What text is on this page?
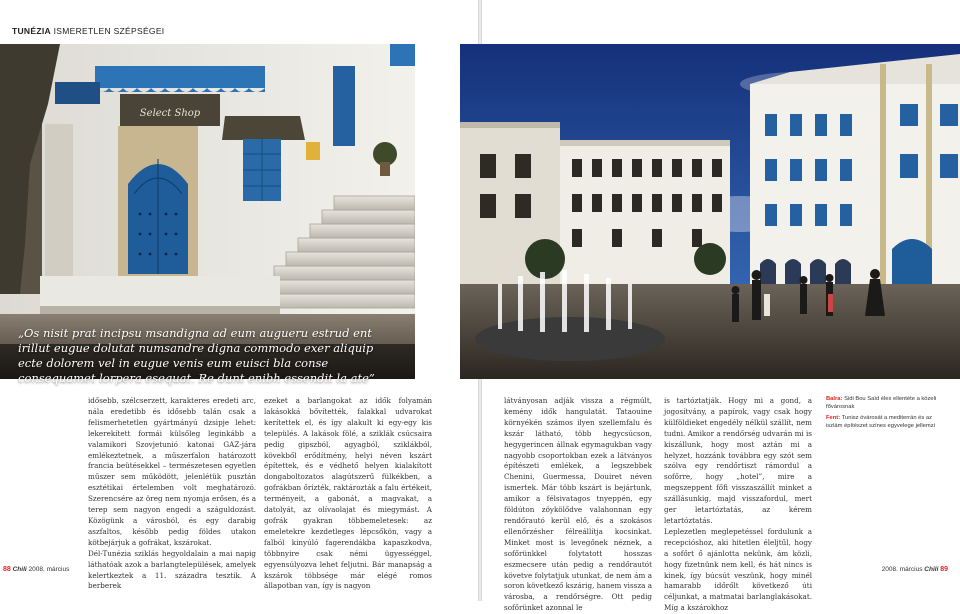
TUNÉZIA ISMERETLEN SZÉPSÉGEI
Select Shop
„Os nisit prat incipsu msandigna ad eum augueru estrud ent irillut eugue dolutat numsandre digna commodo exer aliquip ecte dolorem vel in eugue venis eum euisci bla conse consequamet lorpera esequat. Re dunt enibh essendit la ate”

idősebb, szélcserzett, karakteres eredeti arc, nála eredetibb és idősebb talán csak a felismerhetetlen gyártmányú dzsipje lehet: lekerekített formái külsőleg leginkább a valamikori Szovjetunió katonai GAZ-jára emlékeztetnek, a műszerfalon határozott francia beütésekkel – természetesen egyetlen műszer sem működött, jelenlétük pusztán esztétikai értelemben volt meghatározó. Szerencsére az öreg nem nyomja erősen, és a terep sem nagyon engedi a száguldozást. Közögünk a városból, és egy darabig aszfaltos, később pedig földes utakon kötbejárjuk a gofrákat, kszárokat.
Dél-Tunézia sziklás hegyoldalain a mai napig láthatóak azok a barlangtelepülések, amelyek kelertkeztek a 11. századra tesztik. A berberek

ezeket a barlangokat az idők folyamán lakásokká bővítették, falakkal udvarokat kerítettek el, és így alakult ki egy-egy kis település. A lakások fölé, a sziklák csúcsaira pedig gipszból, agyagból, sziklákból, kövekből erődítmény, helyi néven kszárt építettek, és e védhető helyen kialakított dongaboltozatos alagútszerű fülkékben, a gofrákban őrizték, raktározták a falu értékeit, terményeit, a gabonát, a magvakat, a datolyát, az olívaolajat és miegymást. A gofrák gyakran többemeletesek: az emeletekre kezdetleges lépcsőkön, vagy a falból kinyúló fagerendákba kapaszkodva, többnyire csak némi ügyességgel, egyensúlyozva lehet feljutni. Bár manapság a kszárok többsége már elégé romos állapotban van, így is nagyon

látványosan adják vissza a régmúlt, kemény idők hangulatát. Tataouine környékén számos ilyen szellemfalu és kszár látható, több hegycsúcson, hegygerincen állnak egymagukban vagy nagyobb csoportokban ezek a látványos építészeti emlékek, a legszebbek Chenini, Guermessa, Douiret néven ismertek. Már több kszárt is bejártunk, amikor a félsivatagos tnyeppén, egy földúton zöykölődve valahonnan egy rendőrautó kerül elő, és a szokásos ellenőrzésher félreállítja kocsinkat. Minket most is levegőnek néznek, a sofőrünkkel folytatott hosszas eszmecsere után pedig a rendőrautót követve folytatjuk utunkat, de nem ám a soron következő kszárig, hanem vissza a városba, a rendőrségre. Ott pedig sofőrünket azonnal le

is tartóztatják. Hogy mi a gond, a jogosítvány, a papírok, vagy csak hogy külföldieket engedély nélkül szállít, nem tudni. Amikor a rendőrség udvarán mi is kiszállunk, hogy most aztán mi a helyzet, hozzánk továbbra egy szót sem szólva egy rendőrtiszt rámordul a sofőrre, hogy „hotel”, mire a megszeppent főfi visszaszállít minket a szállásunkig, majd visszafordul, mert ger letartóztatás, az kérem letartóztatás.
Leplezetlen meglepetéssel fordulunk a recepcióshoz, aki hitetlen éleljtűl, hogy a sofőrt ő ajánlotta nekünk, ám közli, hogy fizetnünk nem kell, és hát nincs is kinek, így búcsút veszünk, hogy minél hamarabb időrőlt következő úti céljunkat, a matmatai barlanglakásokat. Míg a kszárokhoz

Balra: Sidi Bou Saïd éles ellentéte a közeli fővárosnak

Fent: Tunisz óvárosát a mediterrán és az iszlám építészet színes egyvelege jellemzi

88 Chili 2008. március	2008. március Chili 89
